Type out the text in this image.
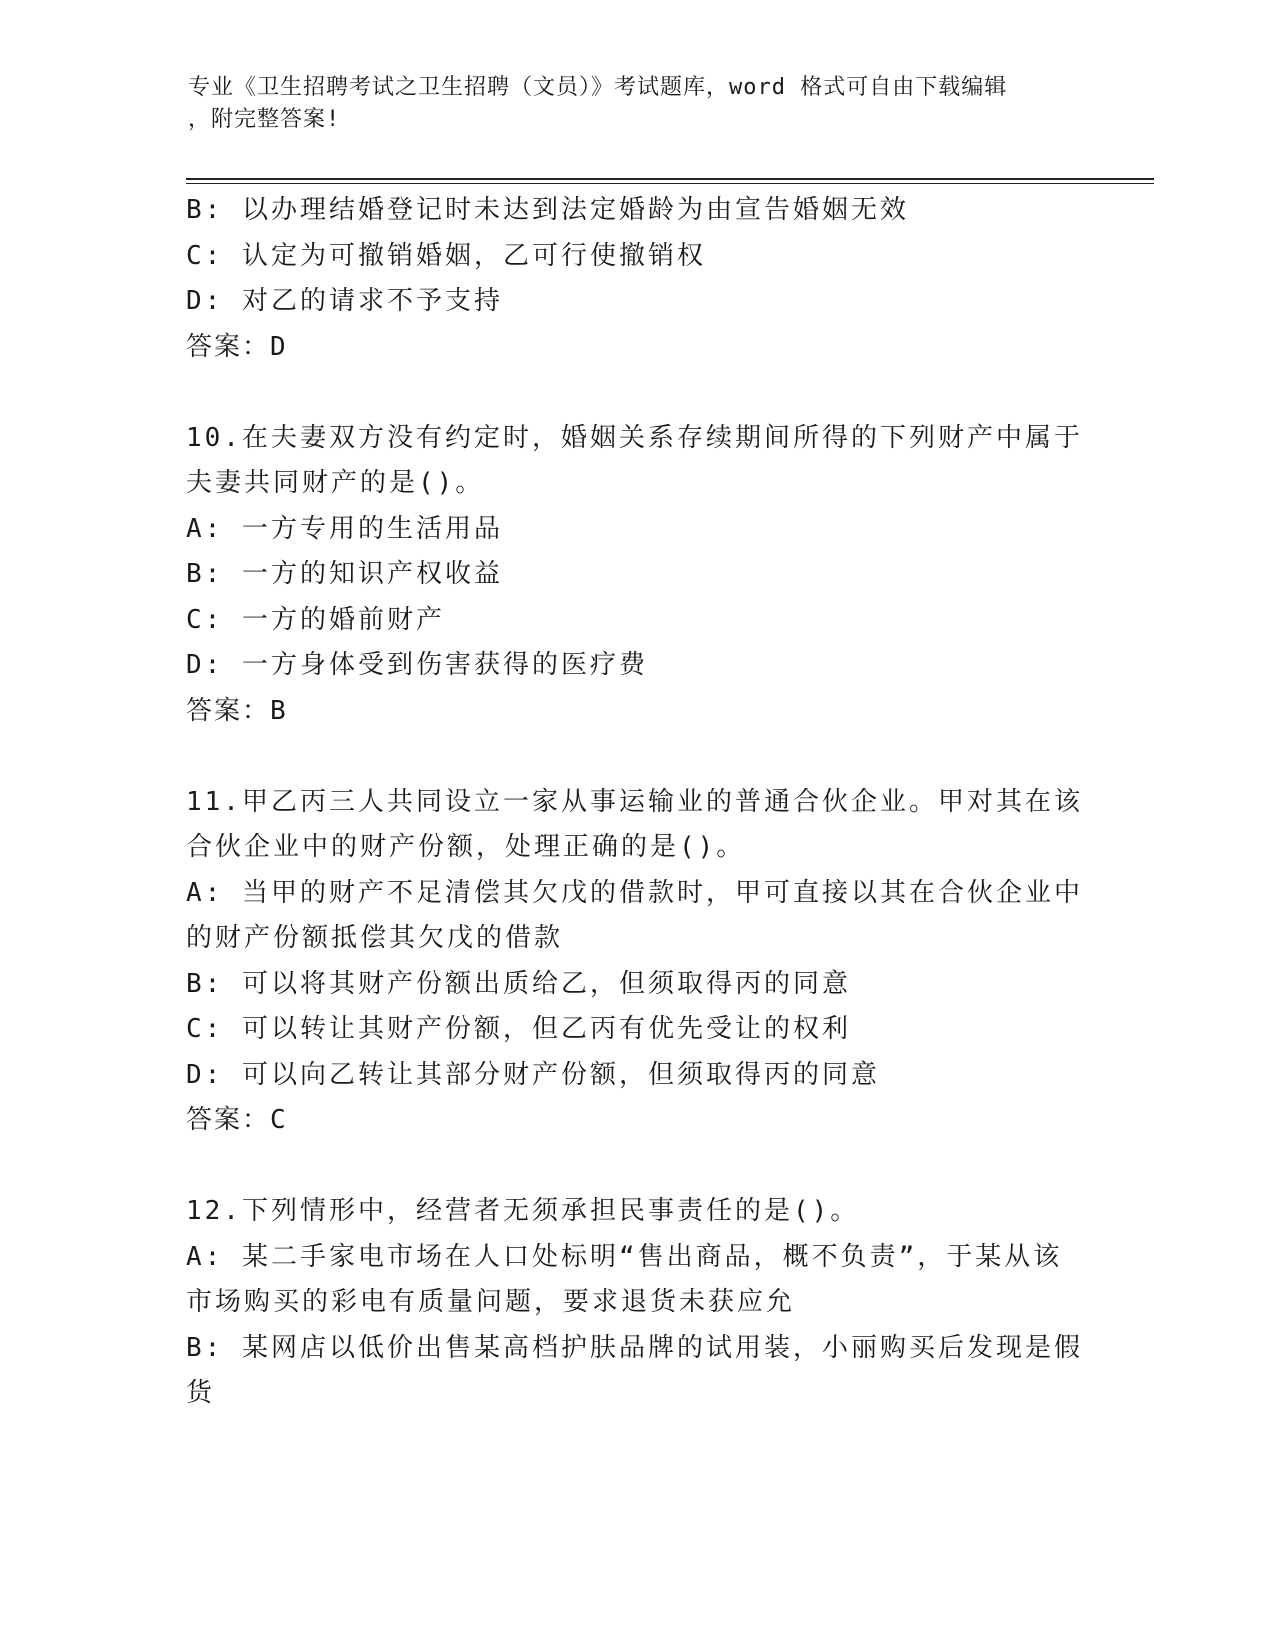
专业《卫生招聘考试之卫生招聘（文员）》考试题库，word 格式可自由下载编辑
，附完整答案!
B: 以办理结婚登记时未达到法定婚龄为由宣告婚姻无效
C: 认定为可撤销婚姻，乙可行使撤销权
D: 对乙的请求不予支持
答案：D
10.在夫妻双方没有约定时，婚姻关系存续期间所得的下列财产中属于
夫妻共同财产的是()。
A: 一方专用的生活用品
B: 一方的知识产权收益
C: 一方的婚前财产
D: 一方身体受到伤害获得的医疗费
答案：B
11.甲乙丙三人共同设立一家从事运输业的普通合伙企业。甲对其在该
合伙企业中的财产份额，处理正确的是()。
A: 当甲的财产不足清偿其欠戊的借款时，甲可直接以其在合伙企业中
的财产份额抵偿其欠戊的借款
B: 可以将其财产份额出质给乙，但须取得丙的同意
C: 可以转让其财产份额，但乙丙有优先受让的权利
D: 可以向乙转让其部分财产份额，但须取得丙的同意
答案：C
12.下列情形中，经营者无须承担民事责任的是()。
A: 某二手家电市场在人口处标明“售出商品，概不负责”，于某从该
市场购买的彩电有质量问题，要求退货未获应允
B: 某网店以低价出售某高档护肤品牌的试用装，小丽购买后发现是假
货
